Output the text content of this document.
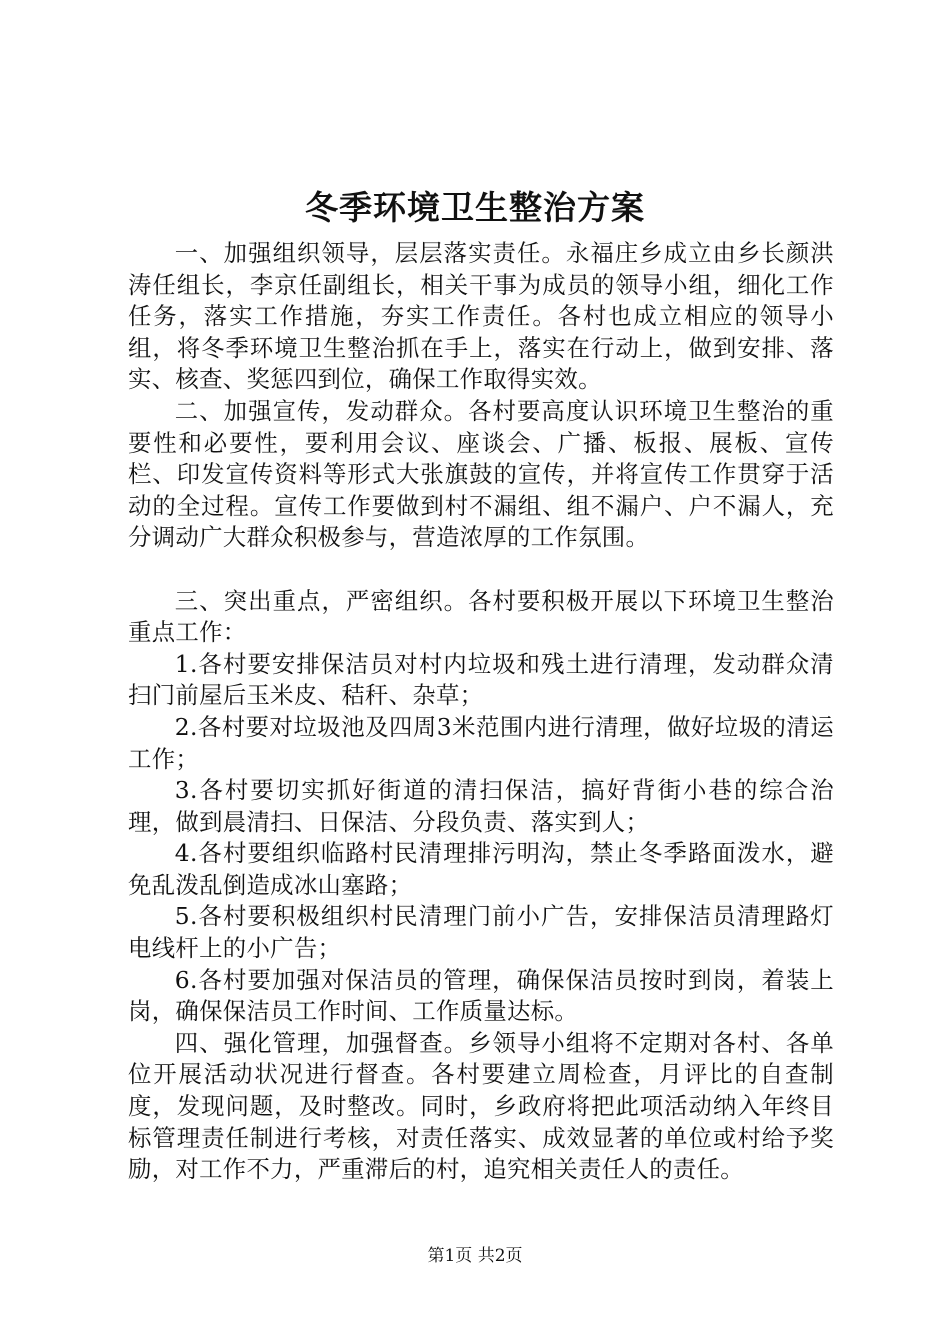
冬季环境卫生整治方案

一、加强组织领导，层层落实责任。永福庄乡成立由乡长颜洪涛任组长，李京任副组长，相关干事为成员的领导小组，细化工作任务，落实工作措施，夯实工作责任。各村也成立相应的领导小组，将冬季环境卫生整治抓在手上，落实在行动上，做到安排、落实、核查、奖惩四到位，确保工作取得实效。

二、加强宣传，发动群众。各村要高度认识环境卫生整治的重要性和必要性，要利用会议、座谈会、广播、板报、展板、宣传栏、印发宣传资料等形式大张旗鼓的宣传，并将宣传工作贯穿于活动的全过程。宣传工作要做到村不漏组、组不漏户、户不漏人，充分调动广大群众积极参与，营造浓厚的工作氛围。

三、突出重点，严密组织。各村要积极开展以下环境卫生整治重点工作：

1.各村要安排保洁员对村内垃圾和残土进行清理，发动群众清扫门前屋后玉米皮、秸秆、杂草；

2.各村要对垃圾池及四周3米范围内进行清理，做好垃圾的清运工作；

3.各村要切实抓好街道的清扫保洁，搞好背街小巷的综合治理，做到晨清扫、日保洁、分段负责、落实到人；

4.各村要组织临路村民清理排污明沟，禁止冬季路面泼水，避免乱泼乱倒造成冰山塞路；

5.各村要积极组织村民清理门前小广告，安排保洁员清理路灯电线杆上的小广告；

6.各村要加强对保洁员的管理，确保保洁员按时到岗，着装上岗，确保保洁员工作时间、工作质量达标。

四、强化管理，加强督查。乡领导小组将不定期对各村、各单位开展活动状况进行督查。各村要建立周检查，月评比的自查制度，发现问题，及时整改。同时，乡政府将把此项活动纳入年终目标管理责任制进行考核，对责任落实、成效显著的单位或村给予奖励，对工作不力，严重滞后的村，追究相关责任人的责任。

第1页 共2页
